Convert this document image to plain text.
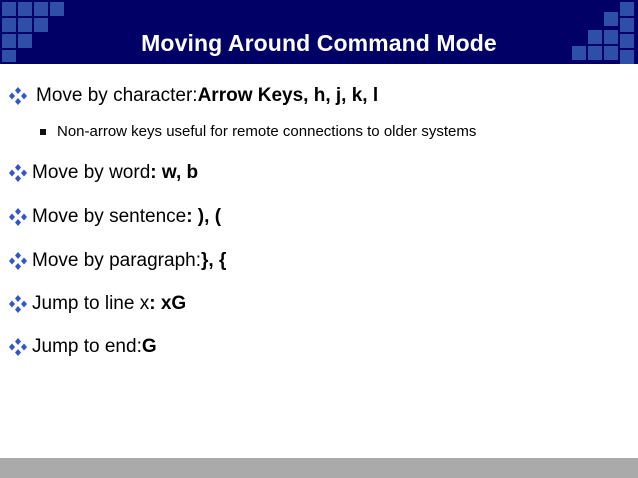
Moving Around Command Mode
Move by character: Arrow Keys, h, j, k, l
Non-arrow keys useful for remote connections to older systems
Move by word : w, b
Move by sentence : ), (
Move by paragraph: }, {
Jump to line x : xG
Jump to end: G
